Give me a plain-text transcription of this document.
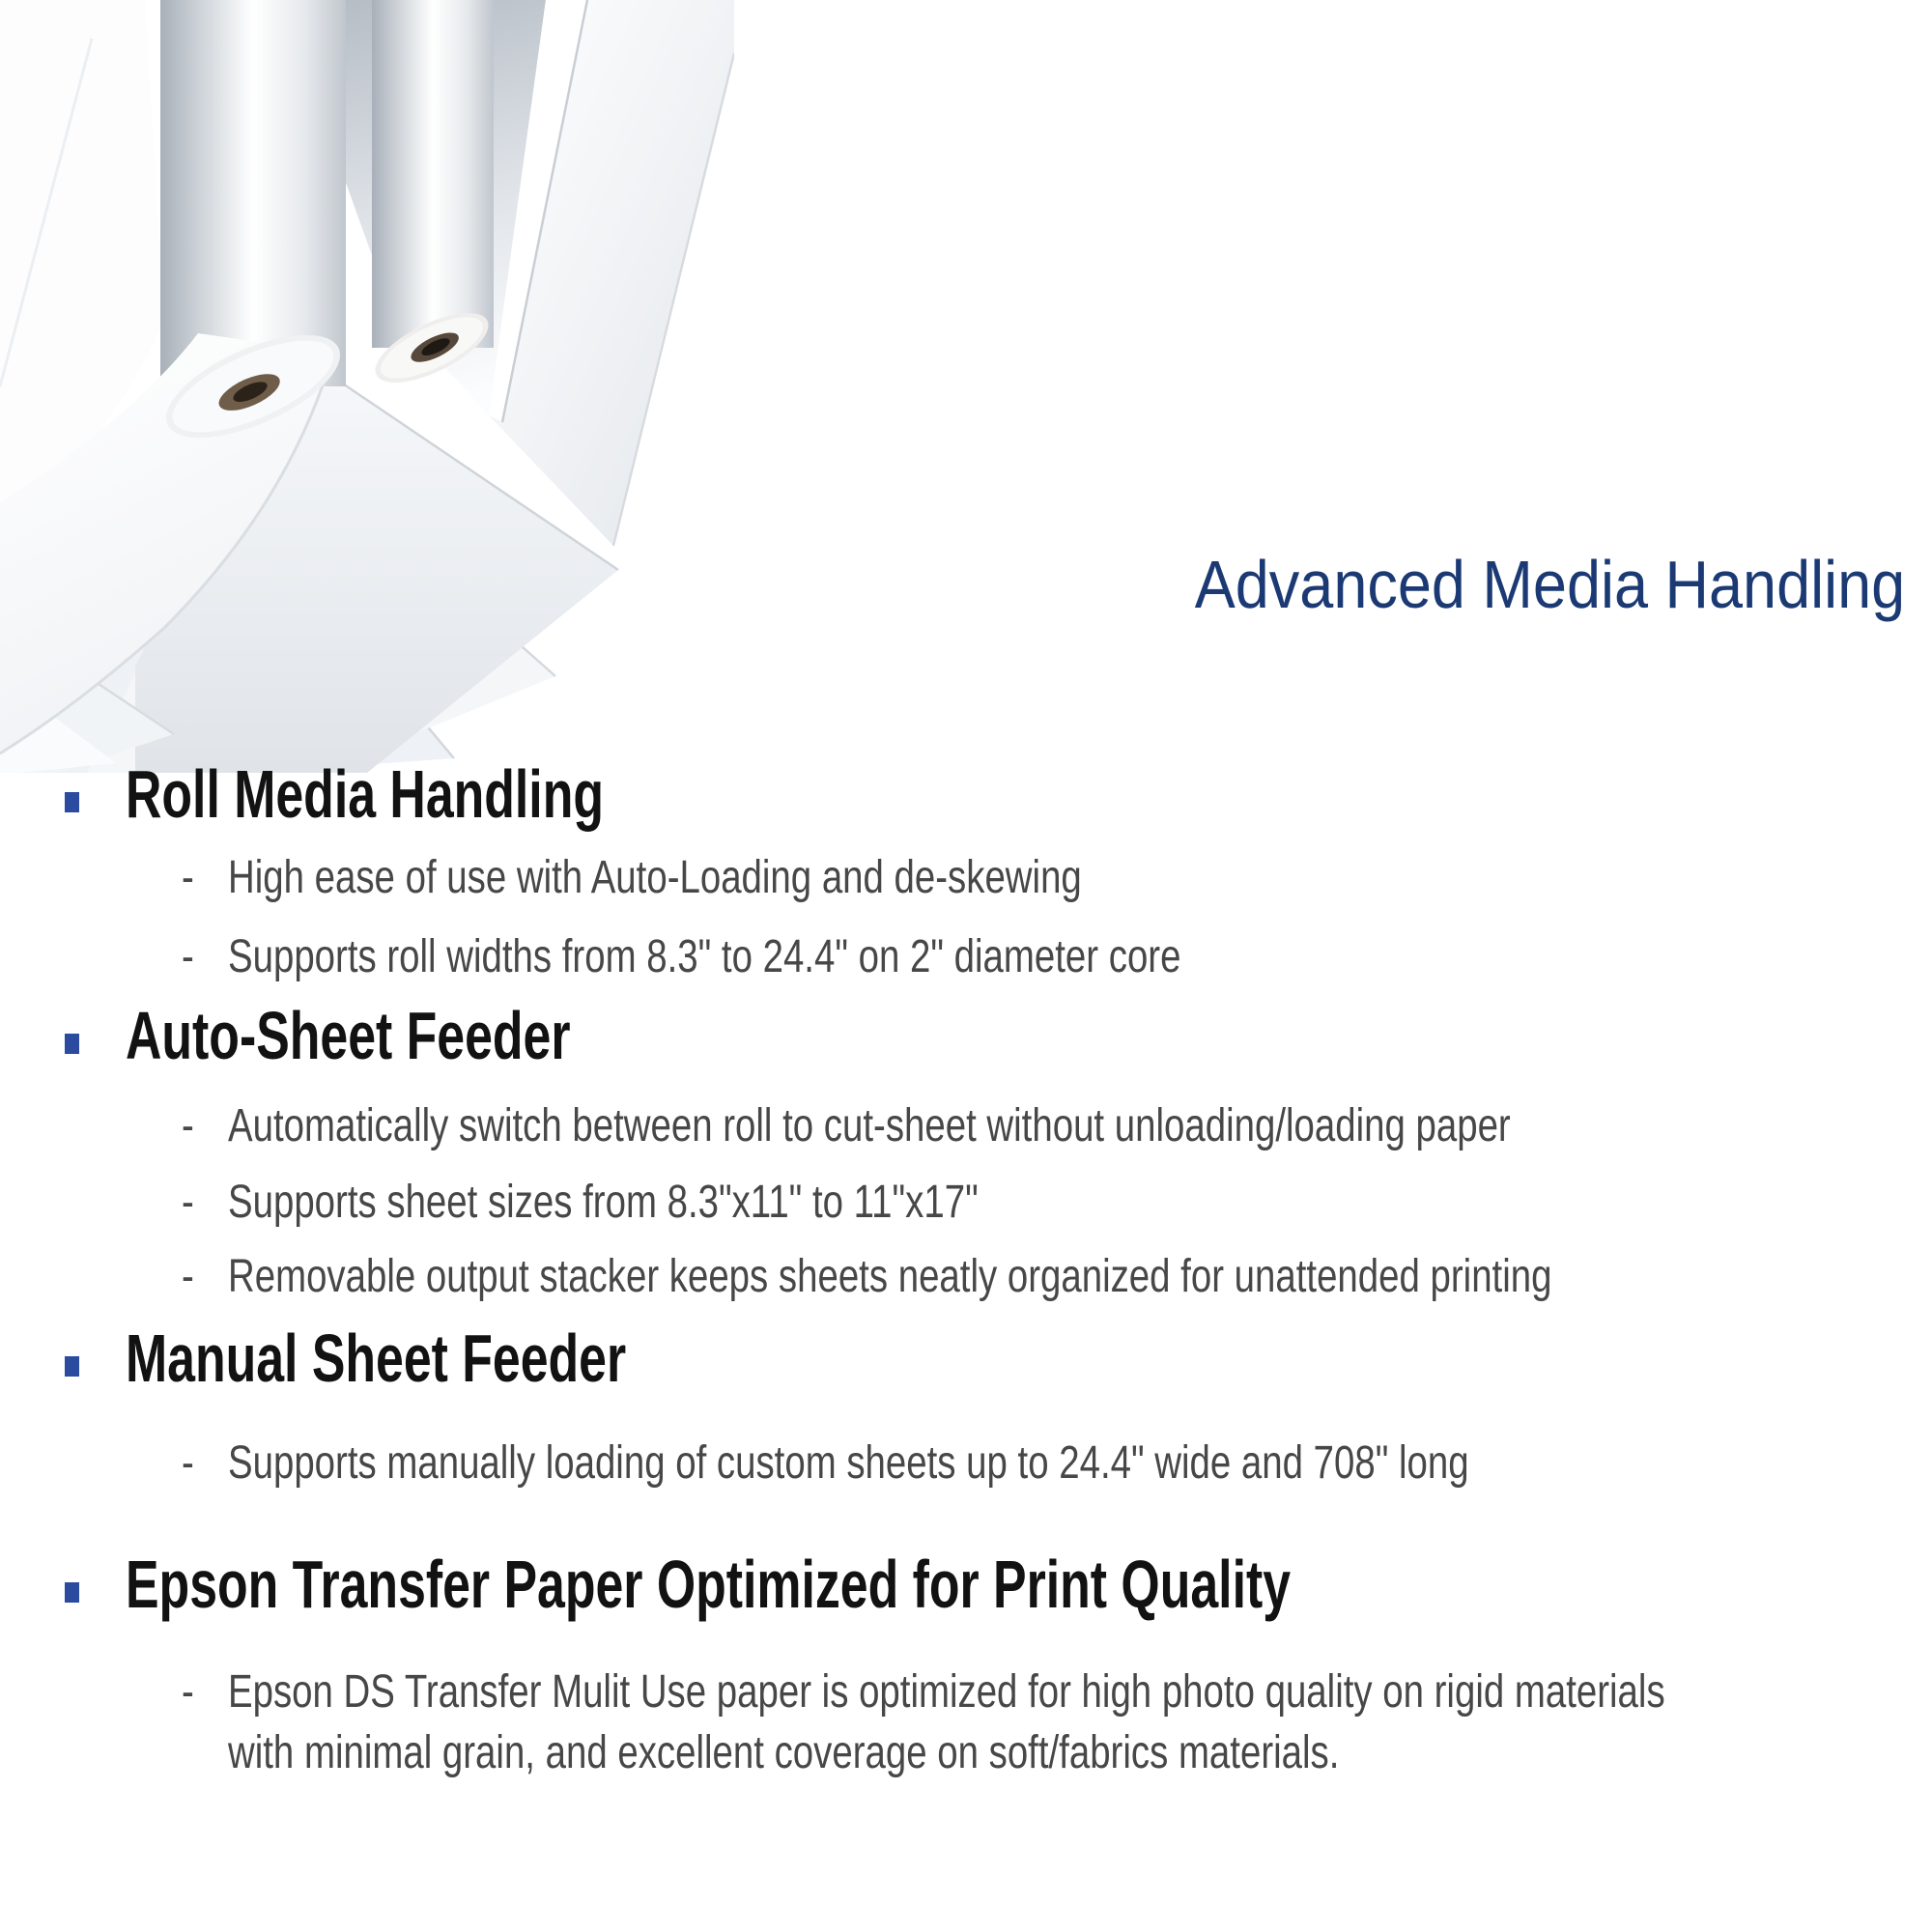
Advanced Media Handling
Roll Media Handling
- High ease of use with Auto-Loading and de-skewing
- Supports roll widths from 8.3" to 24.4" on 2" diameter core
Auto-Sheet Feeder
- Automatically switch between roll to cut-sheet without unloading/loading paper
- Supports sheet sizes from 8.3"x11" to 11"x17"
- Removable output stacker keeps sheets neatly organized for unattended printing
Manual Sheet Feeder
- Supports manually loading of custom sheets up to 24.4" wide and 708" long
Epson Transfer Paper Optimized for Print Quality
- Epson DS Transfer Mulit Use paper is optimized for high photo quality on rigid materials
with minimal grain, and excellent coverage on soft/fabrics materials.
